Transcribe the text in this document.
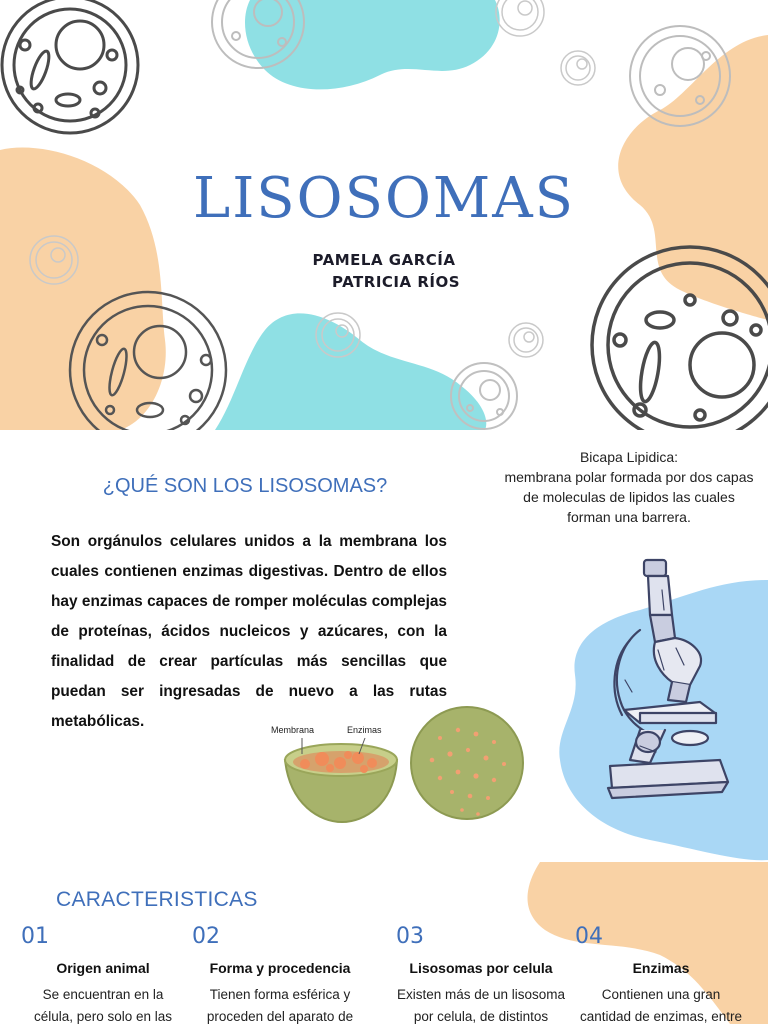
LISOSOMAS
PAMELA GARCÍA
PATRICIA RÍOS
¿QUÉ SON LOS LISOSOMAS?
Son orgánulos celulares unidos a la membrana los cuales contienen enzimas digestivas. Dentro de ellos hay enzimas capaces de romper moléculas complejas de proteínas, ácidos nucleicos y azúcares, con la finalidad de crear partículas más sencillas que puedan ser ingresadas de nuevo a las rutas metabólicas.
Bicapa Lipidica:
membrana polar formada por dos capas
de moleculas de lipidos las cuales
forman una barrera.
Membrana	Enzimas
CARACTERISTICAS
01
Origen animal
Se encuentran en la
célula, pero solo en las
02
Forma y procedencia
Tienen forma esférica y
proceden del aparato de
03
Lisosomas por celula
Existen más de un lisosoma
por celula, de distintos
04
Enzimas
Contienen una gran
cantidad de enzimas, entre
